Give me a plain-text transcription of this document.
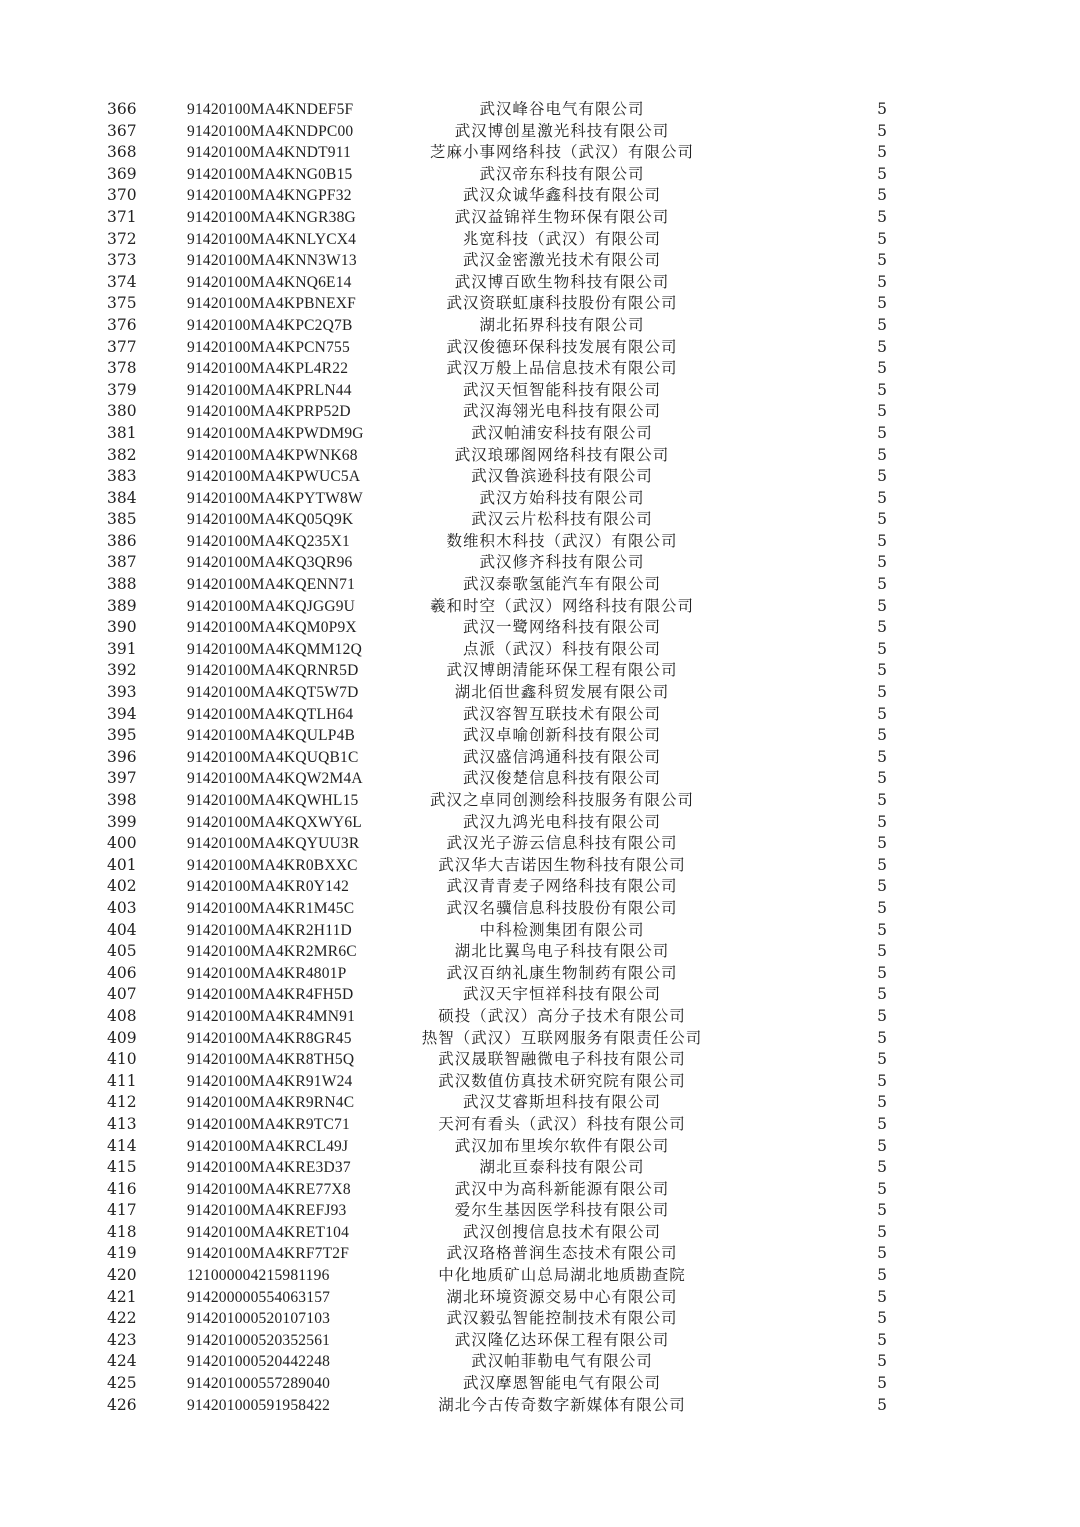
366	91420100MA4KNDEF5F	武汉峰谷电气有限公司	5
367	91420100MA4KNDPC00	武汉博创星激光科技有限公司	5
368	91420100MA4KNDT911	芝麻小事网络科技（武汉）有限公司	5
369	91420100MA4KNG0B15	武汉帝东科技有限公司	5
370	91420100MA4KNGPF32	武汉众诚华鑫科技有限公司	5
371	91420100MA4KNGR38G	武汉益锦祥生物环保有限公司	5
372	91420100MA4KNLYCX4	兆宽科技（武汉）有限公司	5
373	91420100MA4KNN3W13	武汉金密激光技术有限公司	5
374	91420100MA4KNQ6E14	武汉博百欧生物科技有限公司	5
375	91420100MA4KPBNEXF	武汉资联虹康科技股份有限公司	5
376	91420100MA4KPC2Q7B	湖北拓界科技有限公司	5
377	91420100MA4KPCN755	武汉俊德环保科技发展有限公司	5
378	91420100MA4KPL4R22	武汉万般上品信息技术有限公司	5
379	91420100MA4KPRLN44	武汉天恒智能科技有限公司	5
380	91420100MA4KPRP52D	武汉海翎光电科技有限公司	5
381	91420100MA4KPWDM9G	武汉帕浦安科技有限公司	5
382	91420100MA4KPWNK68	武汉琅琊阁网络科技有限公司	5
383	91420100MA4KPWUC5A	武汉鲁滨逊科技有限公司	5
384	91420100MA4KPYTW8W	武汉方始科技有限公司	5
385	91420100MA4KQ05Q9K	武汉云片松科技有限公司	5
386	91420100MA4KQ235X1	数维积木科技（武汉）有限公司	5
387	91420100MA4KQ3QR96	武汉修齐科技有限公司	5
388	91420100MA4KQENN71	武汉泰歌氢能汽车有限公司	5
389	91420100MA4KQJGG9U	羲和时空（武汉）网络科技有限公司	5
390	91420100MA4KQM0P9X	武汉一鹭网络科技有限公司	5
391	91420100MA4KQMM12Q	点派（武汉）科技有限公司	5
392	91420100MA4KQRNR5D	武汉博朗清能环保工程有限公司	5
393	91420100MA4KQT5W7D	湖北佰世鑫科贸发展有限公司	5
394	91420100MA4KQTLH64	武汉容智互联技术有限公司	5
395	91420100MA4KQULP4B	武汉卓喻创新科技有限公司	5
396	91420100MA4KQUQB1C	武汉盛信鸿通科技有限公司	5
397	91420100MA4KQW2M4A	武汉俊楚信息科技有限公司	5
398	91420100MA4KQWHL15	武汉之卓同创测绘科技服务有限公司	5
399	91420100MA4KQXWY6L	武汉九鸿光电科技有限公司	5
400	91420100MA4KQYUU3R	武汉光子游云信息科技有限公司	5
401	91420100MA4KR0BXXC	武汉华大吉诺因生物科技有限公司	5
402	91420100MA4KR0Y142	武汉青青麦子网络科技有限公司	5
403	91420100MA4KR1M45C	武汉名骥信息科技股份有限公司	5
404	91420100MA4KR2H11D	中科检测集团有限公司	5
405	91420100MA4KR2MR6C	湖北比翼鸟电子科技有限公司	5
406	91420100MA4KR4801P	武汉百纳礼康生物制药有限公司	5
407	91420100MA4KR4FH5D	武汉天宇恒祥科技有限公司	5
408	91420100MA4KR4MN91	硕投（武汉）高分子技术有限公司	5
409	91420100MA4KR8GR45	热智（武汉）互联网服务有限责任公司	5
410	91420100MA4KR8TH5Q	武汉晟联智融微电子科技有限公司	5
411	91420100MA4KR91W24	武汉数值仿真技术研究院有限公司	5
412	91420100MA4KR9RN4C	武汉艾睿斯坦科技有限公司	5
413	91420100MA4KR9TC71	天河有看头（武汉）科技有限公司	5
414	91420100MA4KRCL49J	武汉加布里埃尔软件有限公司	5
415	91420100MA4KRE3D37	湖北亘泰科技有限公司	5
416	91420100MA4KRE77X8	武汉中为高科新能源有限公司	5
417	91420100MA4KREFJ93	爱尔生基因医学科技有限公司	5
418	91420100MA4KRET104	武汉创搜信息技术有限公司	5
419	91420100MA4KRF7T2F	武汉珞格普润生态技术有限公司	5
420	121000004215981196	中化地质矿山总局湖北地质勘查院	5
421	914200000554063157	湖北环境资源交易中心有限公司	5
422	914201000520107103	武汉毅弘智能控制技术有限公司	5
423	914201000520352561	武汉隆亿达环保工程有限公司	5
424	914201000520442248	武汉帕菲勒电气有限公司	5
425	914201000557289040	武汉摩恩智能电气有限公司	5
426	914201000591958422	湖北今古传奇数字新媒体有限公司	5
